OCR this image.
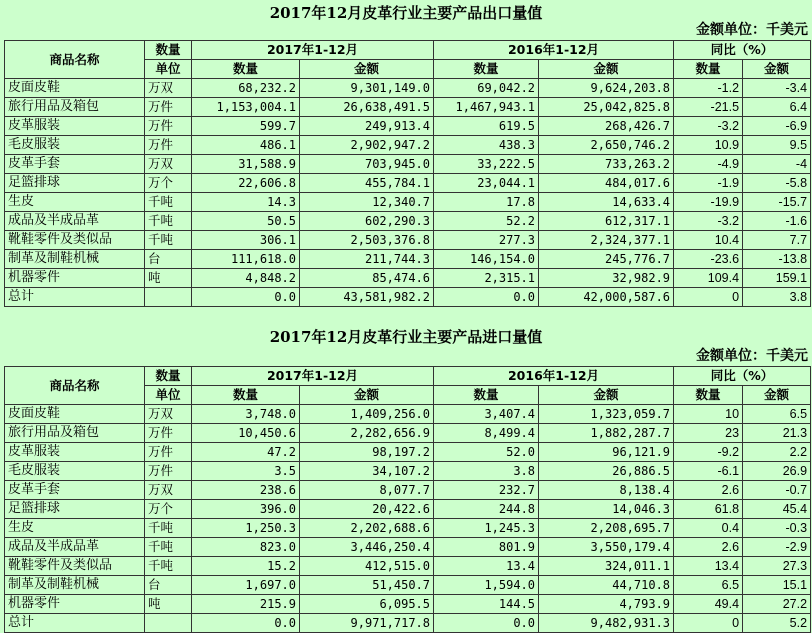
2017年12月皮革行业主要产品出口量值
金额单位：千美元
商品名称	数量	2017年1-12月		2016年1-12月		同比（%）	
	单位	数量	金额	数量	金额	数量	金额
皮面皮鞋	万双	68,232.2	9,301,149.0	69,042.2	9,624,203.8	-1.2	-3.4
旅行用品及箱包	万件	1,153,004.1	26,638,491.5	1,467,943.1	25,042,825.8	-21.5	6.4
皮革服装	万件	599.7	249,913.4	619.5	268,426.7	-3.2	-6.9
毛皮服装	万件	486.1	2,902,947.2	438.3	2,650,746.2	10.9	9.5
皮革手套	万双	31,588.9	703,945.0	33,222.5	733,263.2	-4.9	-4
足篮排球	万个	22,606.8	455,784.1	23,044.1	484,017.6	-1.9	-5.8
生皮	千吨	14.3	12,340.7	17.8	14,633.4	-19.9	-15.7
成品及半成品革	千吨	50.5	602,290.3	52.2	612,317.1	-3.2	-1.6
靴鞋零件及类似品	千吨	306.1	2,503,376.8	277.3	2,324,377.1	10.4	7.7
制革及制鞋机械	台	111,618.0	211,744.3	146,154.0	245,776.7	-23.6	-13.8
机器零件	吨	4,848.2	85,474.6	2,315.1	32,982.9	109.4	159.1
总计		0.0	43,581,982.2	0.0	42,000,587.6	0	3.8
2017年12月皮革行业主要产品进口量值
金额单位：千美元
商品名称	数量	2017年1-12月		2016年1-12月		同比（%）	
	单位	数量	金额	数量	金额	数量	金额
皮面皮鞋	万双	3,748.0	1,409,256.0	3,407.4	1,323,059.7	10	6.5
旅行用品及箱包	万件	10,450.6	2,282,656.9	8,499.4	1,882,287.7	23	21.3
皮革服装	万件	47.2	98,197.2	52.0	96,121.9	-9.2	2.2
毛皮服装	万件	3.5	34,107.2	3.8	26,886.5	-6.1	26.9
皮革手套	万双	238.6	8,077.7	232.7	8,138.4	2.6	-0.7
足篮排球	万个	396.0	20,422.6	244.8	14,046.3	61.8	45.4
生皮	千吨	1,250.3	2,202,688.6	1,245.3	2,208,695.7	0.4	-0.3
成品及半成品革	千吨	823.0	3,446,250.4	801.9	3,550,179.4	2.6	-2.9
靴鞋零件及类似品	千吨	15.2	412,515.0	13.4	324,011.1	13.4	27.3
制革及制鞋机械	台	1,697.0	51,450.7	1,594.0	44,710.8	6.5	15.1
机器零件	吨	215.9	6,095.5	144.5	4,793.9	49.4	27.2
总计		0.0	9,971,717.8	0.0	9,482,931.3	0	5.2
